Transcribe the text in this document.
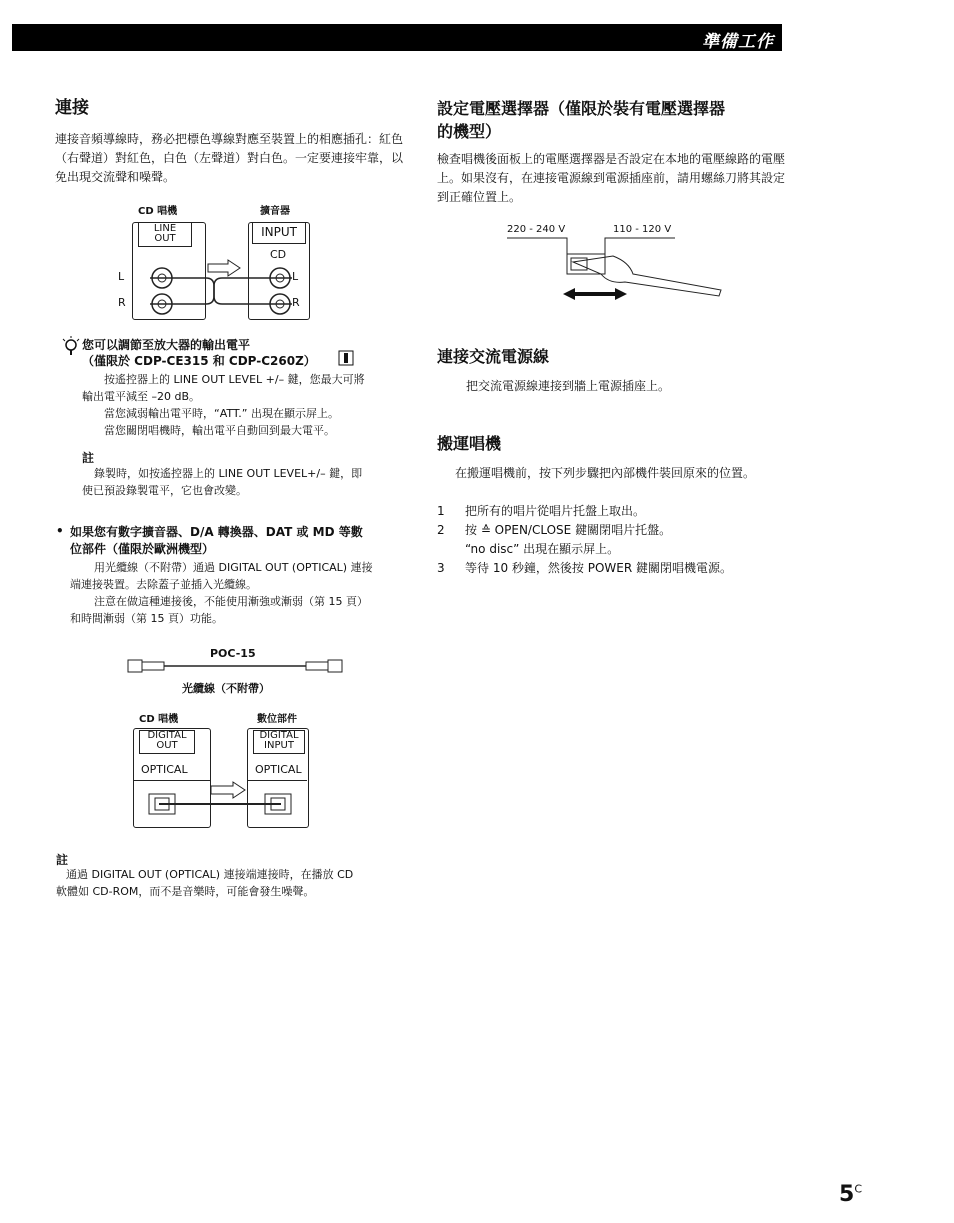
準備工作
連接
連接音頻導線時，務必把標色導線對應至裝置上的相應插孔：紅色（右聲道）對紅色，白色（左聲道）對白色。一定要連接牢靠，以免出現交流聲和噪聲。
CD 唱機	擴音器
LINE
OUT	INPUT
CD
L
R
L
R
您可以調節至放大器的輸出電平
（僅限於 CDP-CE315 和 CDP-C260Z）
按遙控器上的 LINE OUT LEVEL +/– 鍵，您最大可將
輸出電平減至 –20 dB。
當您減弱輸出電平時，“ATT.” 出現在顯示屏上。
當您關閉唱機時，輸出電平自動回到最大電平。
註
錄製時，如按遙控器上的 LINE OUT LEVEL+/– 鍵，即
使已預設錄製電平，它也會改變。
• 如果您有數字擴音器、D/A 轉換器、DAT 或 MD 等數
位部件（僅限於歐洲機型）
用光纜線（不附帶）通過 DIGITAL OUT (OPTICAL) 連接
端連接裝置。去除蓋子並插入光纜線。
注意在做這種連接後，不能使用漸強或漸弱（第 15 頁）
和時間漸弱（第 15 頁）功能。
POC-15
光纜線（不附帶）
CD 唱機	數位部件
DIGITAL
OUT
OPTICAL
DIGITAL
INPUT
OPTICAL
註
通過 DIGITAL OUT (OPTICAL) 連接端連接時，在播放 CD
軟體如 CD-ROM，而不是音樂時，可能會發生噪聲。
設定電壓選擇器（僅限於裝有電壓選擇器
的機型）
檢查唱機後面板上的電壓選擇器是否設定在本地的電壓線路的電壓上。如果沒有，在連接電源線到電源插座前，請用螺絲刀將其設定到正確位置上。
220 - 240 V	110 - 120 V
連接交流電源線
把交流電源線連接到牆上電源插座上。
搬運唱機
在搬運唱機前，按下列步驟把內部機件裝回原來的位置。
1	把所有的唱片從唱片托盤上取出。
2	按 ≙ OPEN/CLOSE 鍵關閉唱片托盤。
“no disc” 出現在顯示屏上。
3	等待 10 秒鐘，然後按 POWER 鍵關閉唱機電源。
$5^C$
